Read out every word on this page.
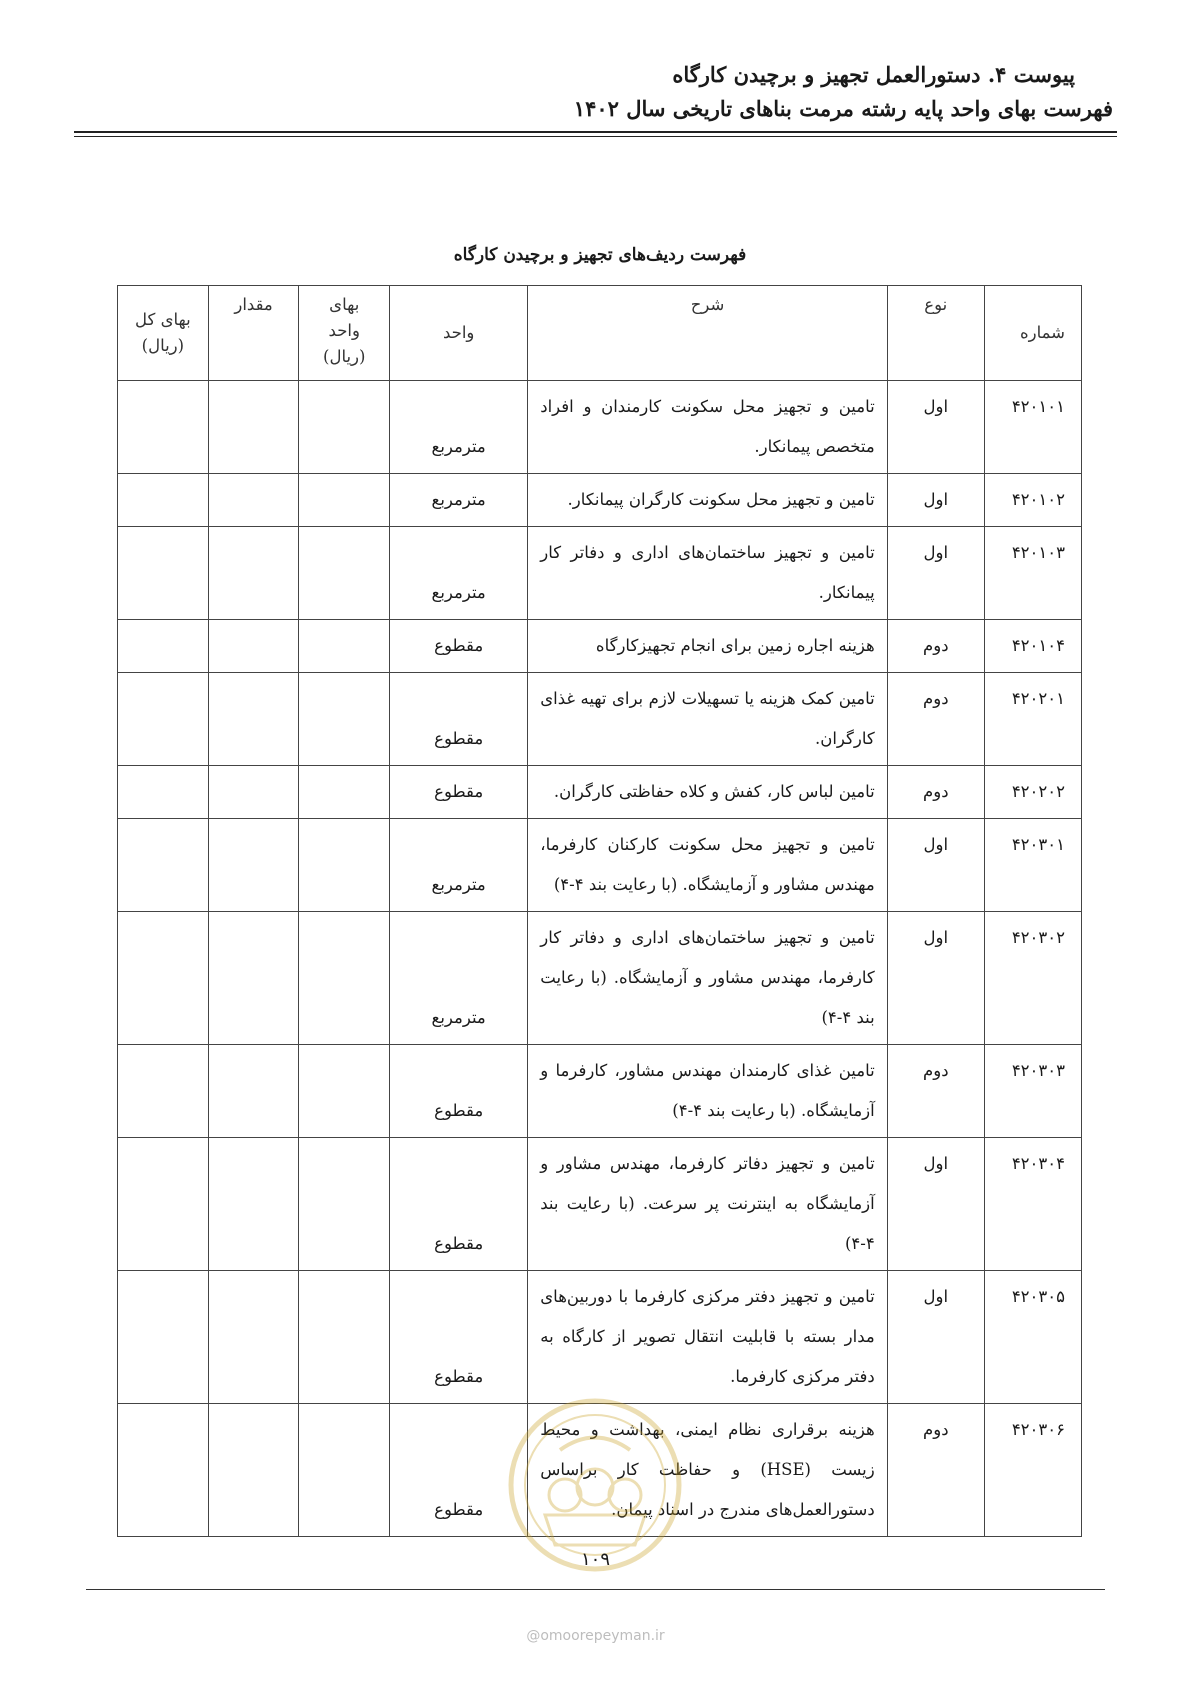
پیوست ۴. دستورالعمل تجهیز و برچیدن کارگاه
فهرست بهای واحد پایه رشته مرمت بناهای تاریخی سال ۱۴۰۲
فهرست ردیف‌های تجهیز و برچیدن کارگاه
شماره	نوع	شرح	واحد	بهای واحد (ریال)	مقدار	بهای کل (ریال)
۴۲۰۱۰۱	اول	تامین و تجهیز محل سکونت کارمندان و افراد متخصص پیمانکار.	مترمربع			
۴۲۰۱۰۲	اول	تامین و تجهیز محل سکونت کارگران پیمانکار.	مترمربع			
۴۲۰۱۰۳	اول	تامین و تجهیز ساختمان‌های اداری و دفاتر کار پیمانکار.	مترمربع			
۴۲۰۱۰۴	دوم	هزینه اجاره زمین برای انجام تجهیزکارگاه	مقطوع			
۴۲۰۲۰۱	دوم	تامین کمک هزینه یا تسهیلات لازم برای تهیه غذای کارگران.	مقطوع			
۴۲۰۲۰۲	دوم	تامین لباس کار، کفش و کلاه حفاظتی کارگران.	مقطوع			
۴۲۰۳۰۱	اول	تامین و تجهیز محل سکونت کارکنان کارفرما، مهندس مشاور و آزمایشگاه. (با رعایت بند ۴-۴)	مترمربع			
۴۲۰۳۰۲	اول	تامین و تجهیز ساختمان‌های اداری و دفاتر کار کارفرما، مهندس مشاور و آزمایشگاه. (با رعایت بند ۴-۴)	مترمربع			
۴۲۰۳۰۳	دوم	تامین غذای کارمندان مهندس مشاور، کارفرما و آزمایشگاه. (با رعایت بند ۴-۴)	مقطوع			
۴۲۰۳۰۴	اول	تامین و تجهیز دفاتر کارفرما، مهندس مشاور و آزمایشگاه به اینترنت پر سرعت. (با رعایت بند ۴-۴)	مقطوع			
۴۲۰۳۰۵	اول	تامین و تجهیز دفتر مرکزی کارفرما با دوربین‌های مدار بسته با قابلیت انتقال تصویر از کارگاه به دفتر مرکزی کارفرما.	مقطوع			
۴۲۰۳۰۶	دوم	هزینه برقراری نظام ایمنی، بهداشت و محیط زیست (HSE) و حفاظت کار براساس دستورالعمل‌های مندرج در اسناد پیمان.	مقطوع			
۱۰۹
@omoorepeyman.ir
